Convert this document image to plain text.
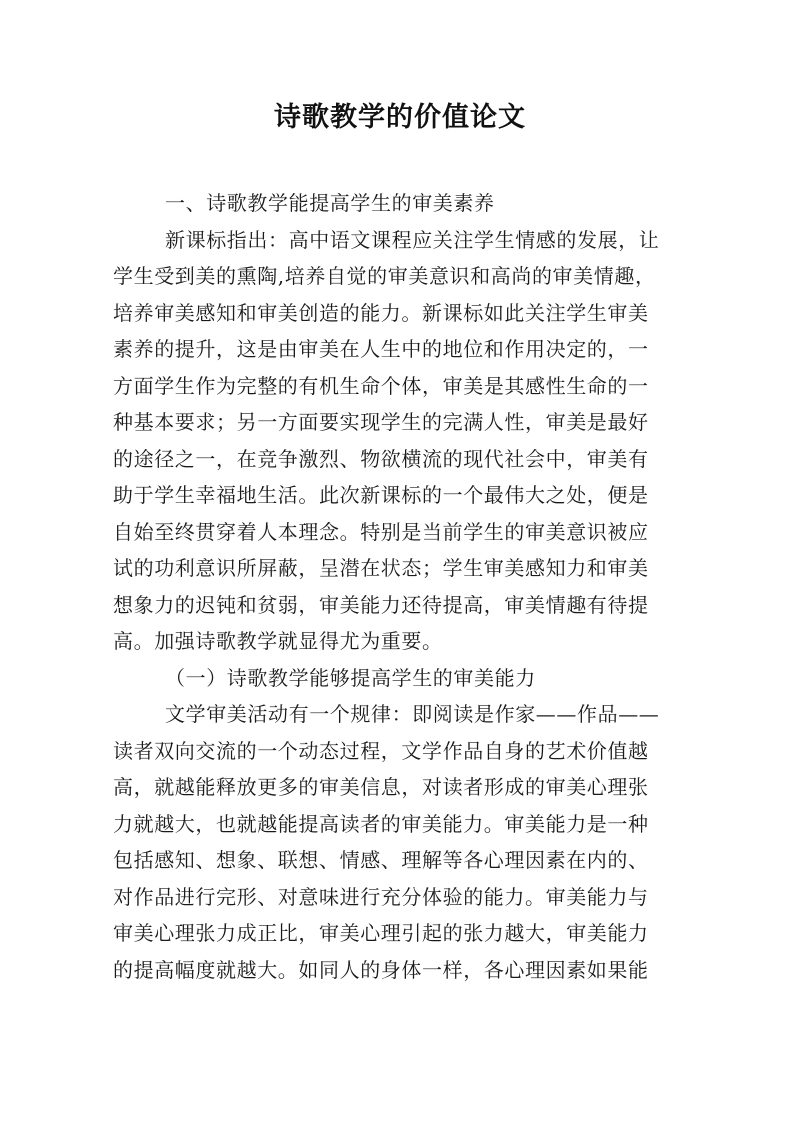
诗歌教学的价值论文
一、诗歌教学能提高学生的审美素养
新课标指出：高中语文课程应关注学生情感的发展，让
学生受到美的熏陶,培养自觉的审美意识和高尚的审美情趣，
培养审美感知和审美创造的能力。新课标如此关注学生审美
素养的提升，这是由审美在人生中的地位和作用决定的，一
方面学生作为完整的有机生命个体，审美是其感性生命的一
种基本要求；另一方面要实现学生的完满人性，审美是最好
的途径之一，在竞争激烈、物欲横流的现代社会中，审美有
助于学生幸福地生活。此次新课标的一个最伟大之处，便是
自始至终贯穿着人本理念。特别是当前学生的审美意识被应
试的功利意识所屏蔽，呈潜在状态；学生审美感知力和审美
想象力的迟钝和贫弱，审美能力还待提高，审美情趣有待提
高。加强诗歌教学就显得尤为重要。
（一）诗歌教学能够提高学生的审美能力
文学审美活动有一个规律：即阅读是作家——作品——
读者双向交流的一个动态过程，文学作品自身的艺术价值越
高，就越能释放更多的审美信息，对读者形成的审美心理张
力就越大，也就越能提高读者的审美能力。审美能力是一种
包括感知、想象、联想、情感、理解等各心理因素在内的、
对作品进行完形、对意味进行充分体验的能力。审美能力与
审美心理张力成正比，审美心理引起的张力越大，审美能力
的提高幅度就越大。如同人的身体一样，各心理因素如果能
